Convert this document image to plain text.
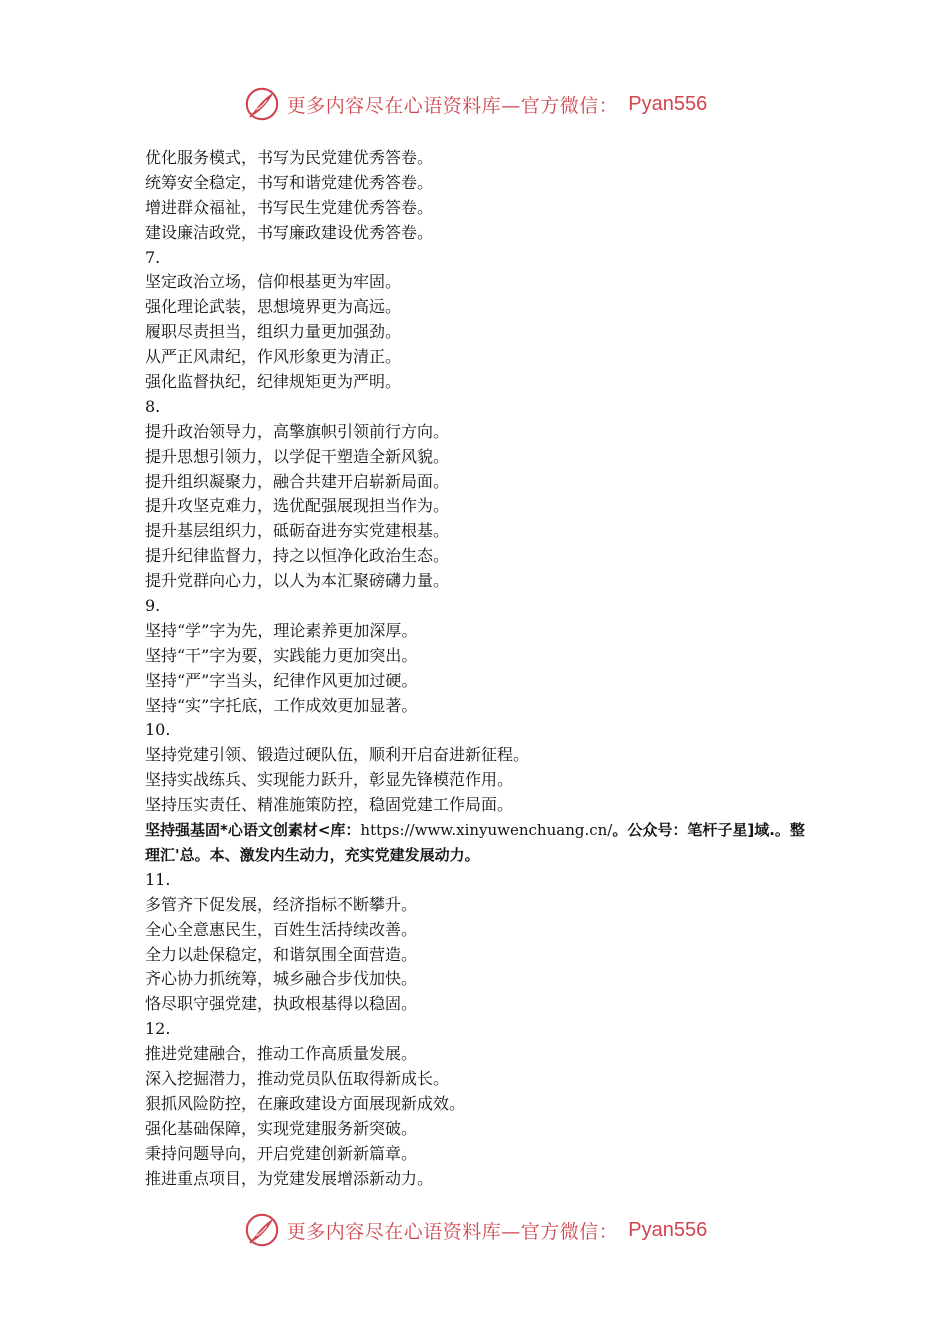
更多内容尽在心语资料库—官方微信： Pyan556
优化服务模式，书写为民党建优秀答卷。
统筹安全稳定，书写和谐党建优秀答卷。
增进群众福祉，书写民生党建优秀答卷。
建设廉洁政党，书写廉政建设优秀答卷。
7.
坚定政治立场，信仰根基更为牢固。
强化理论武装，思想境界更为高远。
履职尽责担当，组织力量更加强劲。
从严正风肃纪，作风形象更为清正。
强化监督执纪，纪律规矩更为严明。
8.
提升政治领导力，高擎旗帜引领前行方向。
提升思想引领力，以学促干塑造全新风貌。
提升组织凝聚力，融合共建开启崭新局面。
提升攻坚克难力，选优配强展现担当作为。
提升基层组织力，砥砺奋进夯实党建根基。
提升纪律监督力，持之以恒净化政治生态。
提升党群向心力，以人为本汇聚磅礴力量。
9.
坚持“学”字为先，理论素养更加深厚。
坚持“干”字为要，实践能力更加突出。
坚持“严”字当头，纪律作风更加过硬。
坚持“实”字托底，工作成效更加显著。
10.
坚持党建引领、锻造过硬队伍，顺利开启奋进新征程。
坚持实战练兵、实现能力跃升，彰显先锋模范作用。
坚持压实责任、精准施策防控，稳固党建工作局面。
坚持强基固*心语文创素材<库：https://www.xinyuwenchuang.cn/。公众号：笔杆子星]域.。整理汇'总。本、激发内生动力，充实党建发展动力。
11.
多管齐下促发展，经济指标不断攀升。
全心全意惠民生，百姓生活持续改善。
全力以赴保稳定，和谐氛围全面营造。
齐心协力抓统筹，城乡融合步伐加快。
恪尽职守强党建，执政根基得以稳固。
12.
推进党建融合，推动工作高质量发展。
深入挖掘潜力，推动党员队伍取得新成长。
狠抓风险防控，在廉政建设方面展现新成效。
强化基础保障，实现党建服务新突破。
秉持问题导向，开启党建创新新篇章。
推进重点项目，为党建发展增添新动力。
更多内容尽在心语资料库—官方微信： Pyan556
